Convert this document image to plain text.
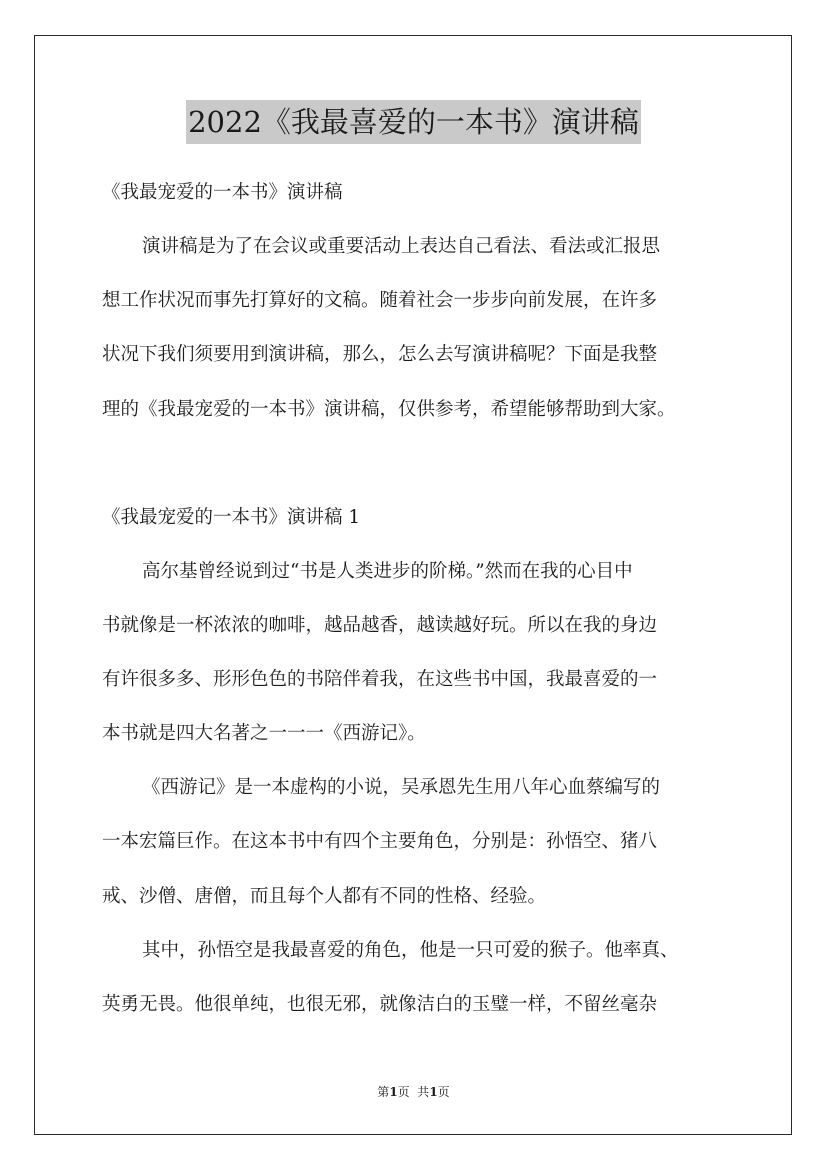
2022《我最喜爱的一本书》演讲稿
《我最宠爱的一本书》演讲稿
演讲稿是为了在会议或重要活动上表达自己看法、看法或汇报思
想工作状况而事先打算好的文稿。随着社会一步步向前发展，在许多
状况下我们须要用到演讲稿，那么，怎么去写演讲稿呢？下面是我整
理的《我最宠爱的一本书》演讲稿，仅供参考，希望能够帮助到大家。
《我最宠爱的一本书》演讲稿 1
高尔基曾经说到过“书是人类进步的阶梯。”然而在我的心目中
书就像是一杯浓浓的咖啡，越品越香，越读越好玩。所以在我的身边
有许很多多、形形色色的书陪伴着我，在这些书中国，我最喜爱的一
本书就是四大名著之一一一《西游记》。
《西游记》是一本虚构的小说，吴承恩先生用八年心血蔡编写的
一本宏篇巨作。在这本书中有四个主要角色，分别是：孙悟空、猪八
戒、沙僧、唐僧，而且每个人都有不同的性格、经验。
其中，孙悟空是我最喜爱的角色，他是一只可爱的猴子。他率真、
英勇无畏。他很单纯，也很无邪，就像洁白的玉璧一样，不留丝毫杂
第1页  共1页
